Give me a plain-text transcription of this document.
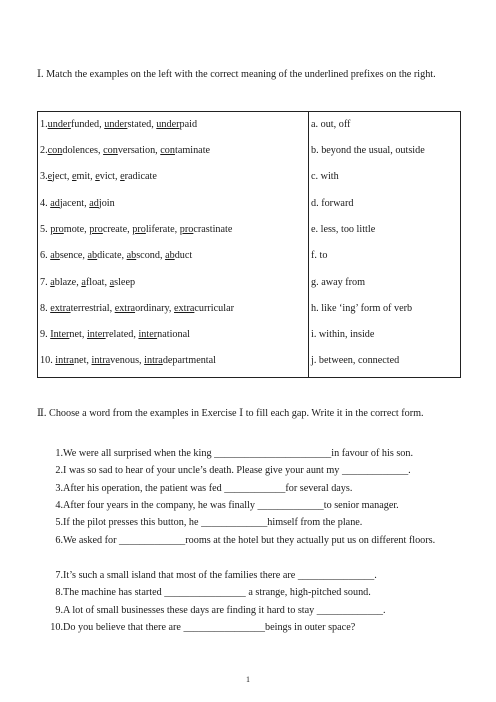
Ⅰ. Match the examples on the left with the correct meaning of the underlined prefixes on the right.
1.underfunded, understated, underpaid	a. out, off
2.condolences, conversation, contaminate	b. beyond the usual, outside
3.eject, emit, evict, eradicate	c. with
4. adjacent, adjoin	d. forward
5. promote, procreate, proliferate, procrastinate	e. less, too little
6. absence, abdicate, abscond, abduct	f. to
7. ablaze, afloat, asleep	g. away from
8. extraterrestrial, extraordinary, extracurricular	h. like ‘ing’ form of verb
9. Internet, interrelated, international	i. within, inside
10. intranet, intravenous, intradepartmental	j. between, connected
Ⅱ. Choose a word from the examples in Exercise Ⅰ to fill each gap. Write it in the correct form.
1. We were all surprised when the king _______________________in favour of his son.
2. I was so sad to hear of your uncle’s death. Please give your aunt my _____________.
3. After his operation, the patient was fed ____________for several days.
4. After four years in the company, he was finally _____________to senior manager.
5. If the pilot presses this button, he _____________himself from the plane.
6. We asked for _____________rooms at the hotel but they actually put us on different floors.
7. It’s such a small island that most of the families there are _______________.
8. The machine has started ________________ a strange, high-pitched sound.
9. A lot of small businesses these days are finding it hard to stay _____________.
10. Do you believe that there are ________________beings in outer space?
1
